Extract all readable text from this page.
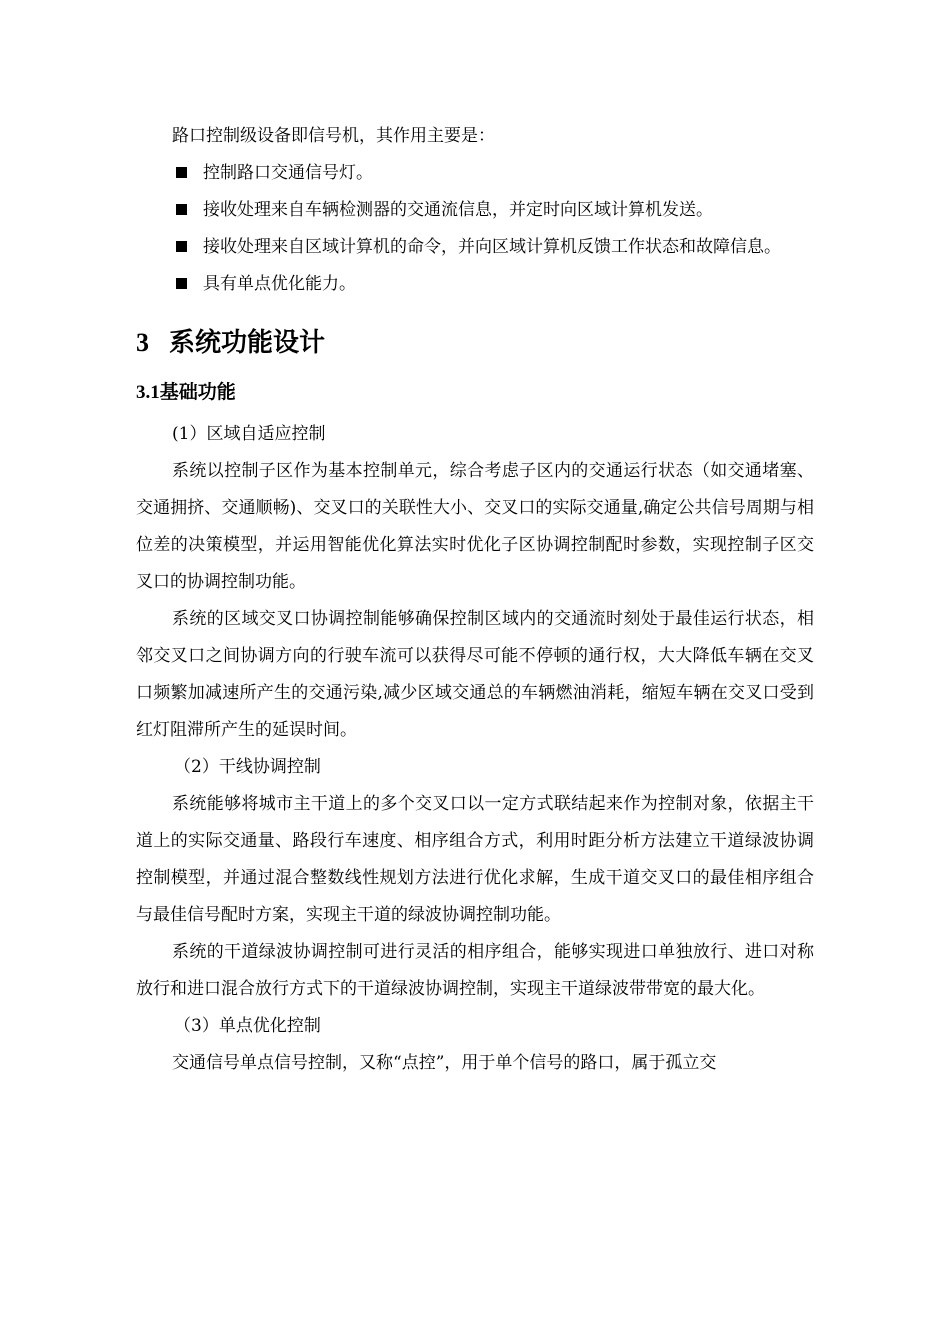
路口控制级设备即信号机，其作用主要是：

控制路口交通信号灯。

接收处理来自车辆检测器的交通流信息，并定时向区域计算机发送。

接收处理来自区域计算机的命令，并向区域计算机反馈工作状态和故障信息。

具有单点优化能力。

3 系统功能设计
3.1基础功能

(1）区域自适应控制

系统以控制子区作为基本控制单元，综合考虑子区内的交通运行状态（如交通堵塞、交通拥挤、交通顺畅)、交叉口的关联性大小、交叉口的实际交通量,确定公共信号周期与相位差的决策模型，并运用智能优化算法实时优化子区协调控制配时参数，实现控制子区交叉口的协调控制功能。

系统的区域交叉口协调控制能够确保控制区域内的交通流时刻处于最佳运行状态，相邻交叉口之间协调方向的行驶车流可以获得尽可能不停顿的通行权，大大降低车辆在交叉口频繁加减速所产生的交通污染,减少区域交通总的车辆燃油消耗，缩短车辆在交叉口受到红灯阻滞所产生的延误时间。

（2）干线协调控制

系统能够将城市主干道上的多个交叉口以一定方式联结起来作为控制对象，依据主干道上的实际交通量、路段行车速度、相序组合方式，利用时距分析方法建立干道绿波协调控制模型，并通过混合整数线性规划方法进行优化求解，生成干道交叉口的最佳相序组合与最佳信号配时方案，实现主干道的绿波协调控制功能。

系统的干道绿波协调控制可进行灵活的相序组合，能够实现进口单独放行、进口对称放行和进口混合放行方式下的干道绿波协调控制，实现主干道绿波带带宽的最大化。

（3）单点优化控制

交通信号单点信号控制，又称“点控”，用于单个信号的路口，属于孤立交
